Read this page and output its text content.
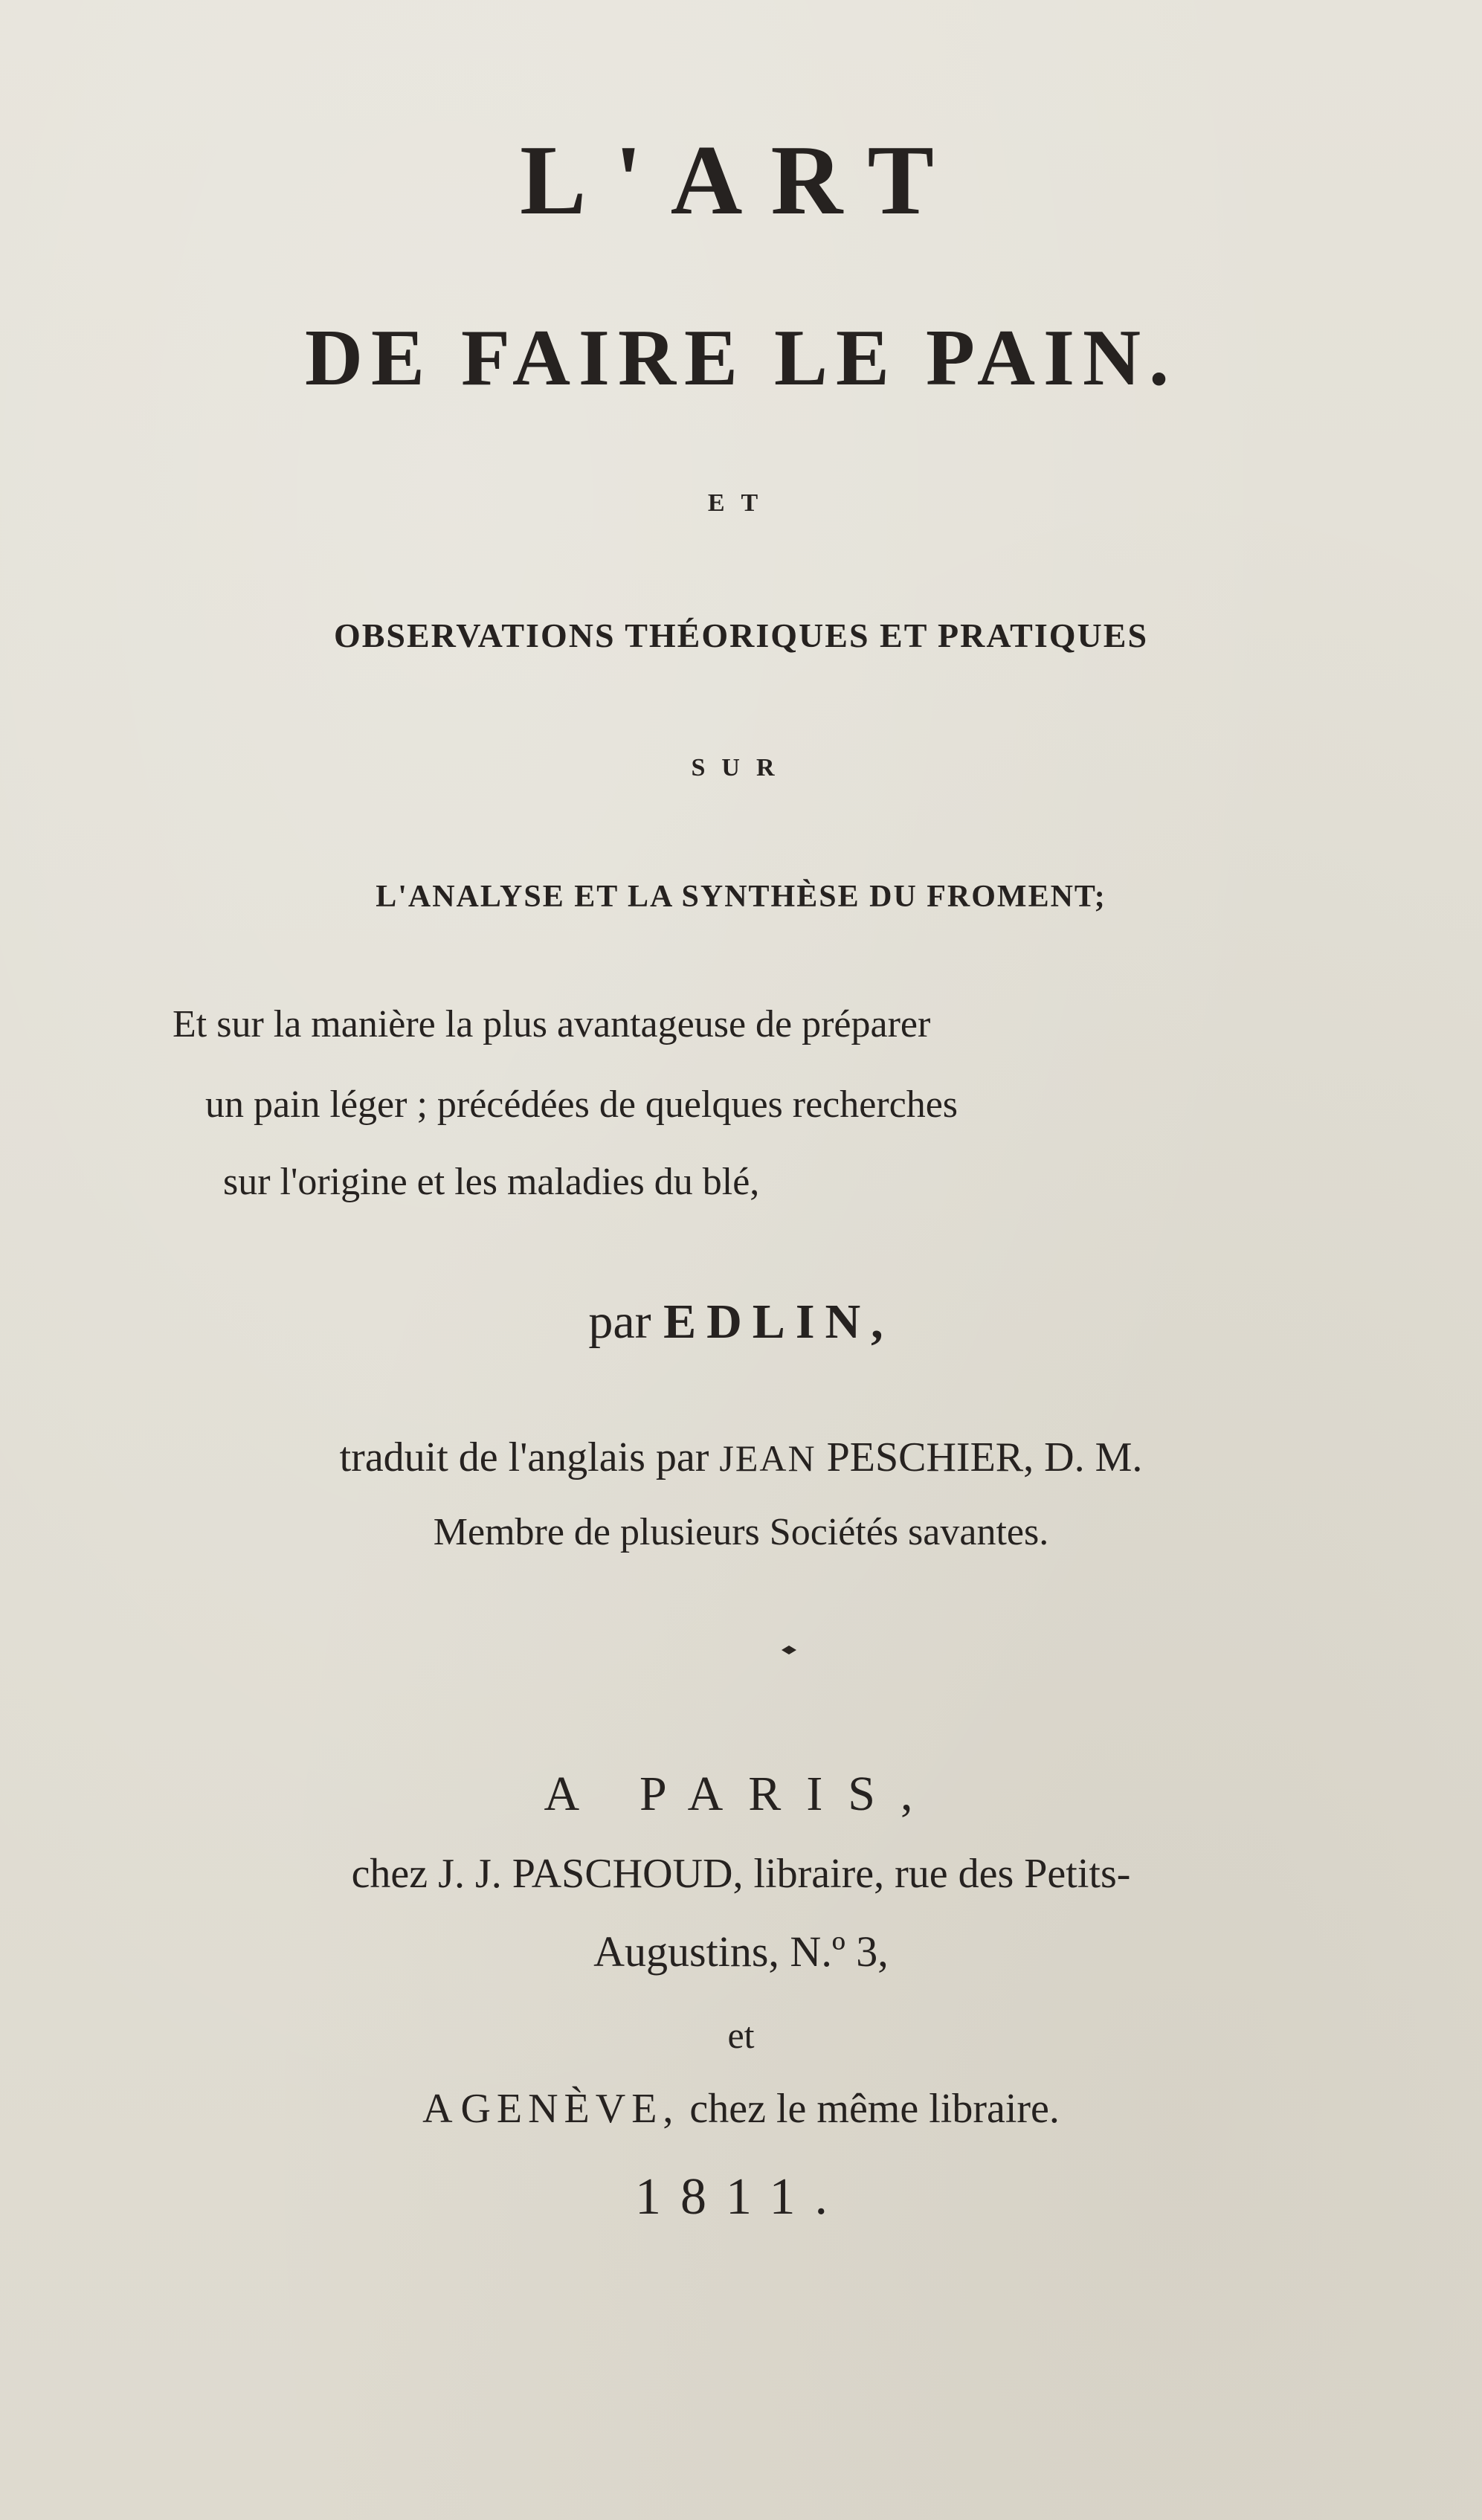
L'ART
DE FAIRE LE PAIN.
ET
OBSERVATIONS THÉORIQUES ET PRATIQUES
SUR
L'ANALYSE ET LA SYNTHÈSE DU FROMENT;
Et sur la manière la plus avantageuse de préparer
un pain léger ; précédées de quelques recherches
sur l'origine et les maladies du blé,
par EDLIN,
traduit de l'anglais par JEAN PESCHIER, D. M.
Membre de plusieurs Sociétés savantes.
A PARIS,
chez J. J. PASCHOUD, libraire, rue des Petits-
Augustins, N.º 3,
et
A GENÈVE, chez le même libraire.
1811.
